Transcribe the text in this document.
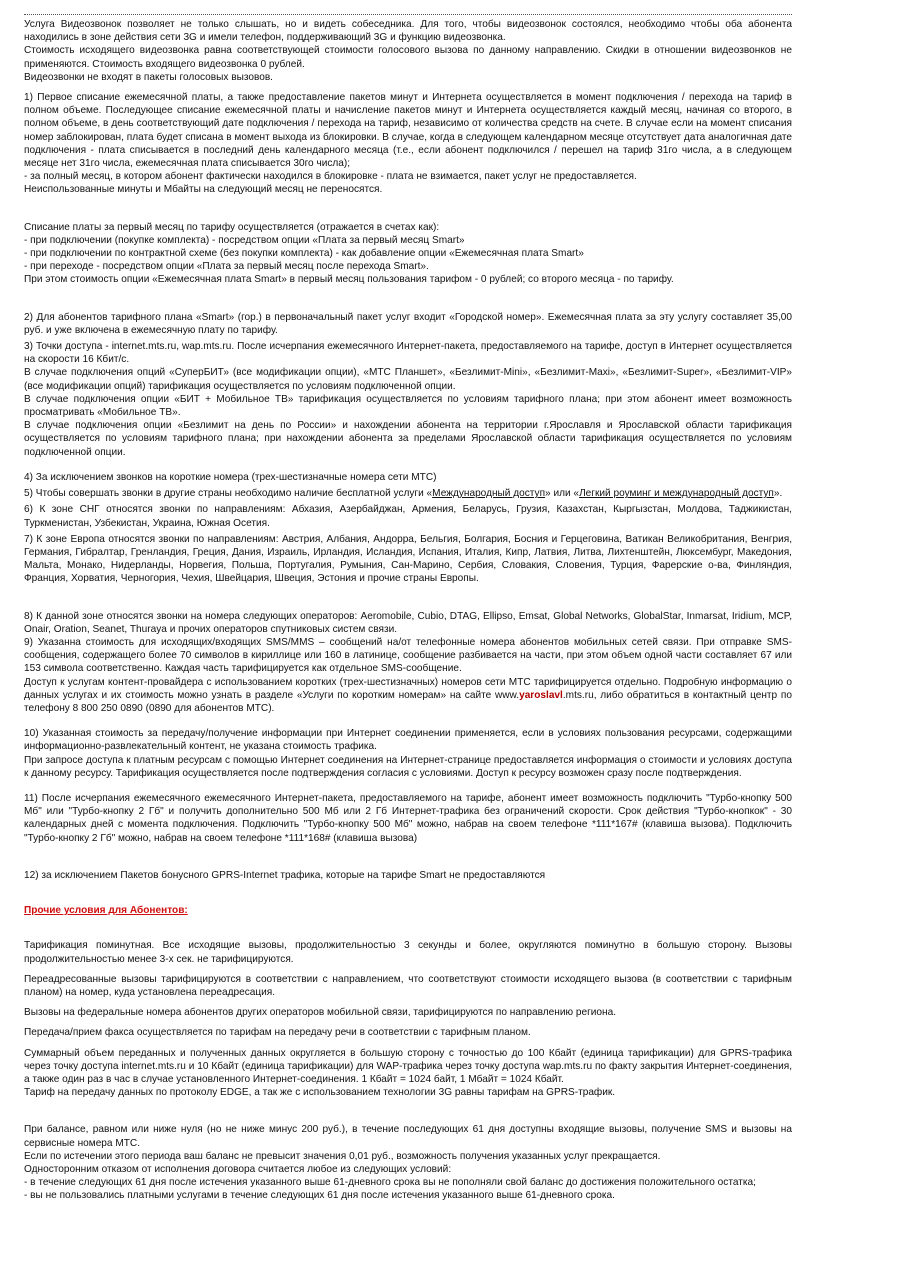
Услуга Видеозвонок позволяет не только слышать, но и видеть собеседника. Для того, чтобы видеозвонок состоялся, необходимо чтобы оба абонента находились в зоне действия сети 3G и имели телефон, поддерживающий 3G и функцию видеозвонка.

Стоимость исходящего видеозвонка равна соответствующей стоимости голосового вызова по данному направлению. Скидки в отношении видеозвонков не применяются. Стоимость входящего видеозвонка 0 рублей.

Видеозвонки не входят в пакеты голосовых вызовов.

1) Первое списание ежемесячной платы, а также предоставление пакетов минут и Интернета осуществляется в момент подключения / перехода на тариф в полном объеме. Последующее списание ежемесячной платы и начисление пакетов минут и Интернета осуществляется каждый месяц, начиная со второго, в полном объеме, в день соответствующий дате подключения / перехода на тариф, независимо от количества средств на счете. В случае если на момент списания номер заблокирован, плата будет списана в момент выхода из блокировки. В случае, когда в следующем календарном месяце отсутствует дата аналогичная дате подключения - плата списывается в последний день календарного месяца (т.е., если абонент подключился / перешел на тариф 31го числа, а в следующем месяце нет 31го числа, ежемесячная плата списывается 30го числа);

- за полный месяц, в котором абонент фактически находился в блокировке - плата не взимается, пакет услуг не предоставляется.

Неиспользованные минуты и Мбайты на следующий месяц не переносятся.

Списание платы за первый месяц по тарифу осуществляется (отражается в счетах как):

- при подключении (покупке комплекта) - посредством опции «Плата за первый месяц Smart»

- при подключении по контрактной схеме (без покупки комплекта) - как добавление опции «Ежемесячная плата Smart»

- при переходе - посредством опции «Плата за первый месяц после перехода Smart».

При этом стоимость опции «Ежемесячная плата Smart» в первый месяц пользования тарифом - 0 рублей; со второго месяца - по тарифу.

2) Для абонентов тарифного плана «Smart» (гор.) в первоначальный пакет услуг входит «Городской номер». Ежемесячная плата за эту услугу составляет 35,00 руб. и уже включена в ежемесячную плату по тарифу.

3) Точки доступа - internet.mts.ru, wap.mts.ru. После исчерпания ежемесячного Интернет-пакета, предоставляемого на тарифе, доступ в Интернет осуществляется на скорости 16 Кбит/с.

В случае подключения опций «СуперБИТ» (все модификации опции), «МТС Планшет», «Безлимит-Mini», «Безлимит-Maxi», «Безлимит-Super», «Безлимит-VIP» (все модификации опций) тарификация осуществляется по условиям подключенной опции.

В случае подключения опции «БИТ + Мобильное ТВ» тарификация осуществляется по условиям тарифного плана; при этом абонент имеет возможность просматривать «Мобильное ТВ».

В случае подключения опции «Безлимит на день по России» и нахождении абонента на территории г.Ярославля и Ярославской области тарификация осуществляется по условиям тарифного плана; при нахождении абонента за пределами Ярославской области тарификация осуществляется по условиям подключенной опции.

4) За исключением звонков на короткие номера (трех-шестизначные номера сети МТС)

5) Чтобы совершать звонки в другие страны необходимо наличие бесплатной услуги «Международный доступ» или «Легкий роуминг и международный доступ».

6) К зоне СНГ относятся звонки по направлениям: Абхазия, Азербайджан, Армения, Беларусь, Грузия, Казахстан, Кыргызстан, Молдова, Таджикистан, Туркменистан, Узбекистан, Украина, Южная Осетия.

7) К зоне Европа относятся звонки по направлениям: Австрия, Албания, Андорра, Бельгия, Болгария, Босния и Герцеговина, Ватикан Великобритания, Венгрия, Германия, Гибралтар, Гренландия, Греция, Дания, Израиль, Ирландия, Исландия, Испания, Италия, Кипр, Латвия, Литва, Лихтенштейн, Люксембург, Македония, Мальта, Монако, Нидерланды, Норвегия, Польша, Португалия, Румыния, Сан-Марино, Сербия, Словакия, Словения, Турция, Фарерские о-ва, Финляндия, Франция, Хорватия, Черногория, Чехия, Швейцария, Швеция, Эстония и прочие страны Европы.

8) К данной зоне относятся звонки на номера следующих операторов: Aeromobile, Cubio, DTAG, Ellipso, Emsat, Global Networks, GlobalStar, Inmarsat, Iridium, MCP, Onair, Oration, Seanet, Thuraya и прочих операторов спутниковых систем связи.

9) Указанна стоимость для исходящих/входящих SMS/MMS – сообщений на/от телефонные номера абонентов мобильных сетей связи. При отправке SMS-сообщения, содержащего более 70 символов в кириллице или 160 в латинице, сообщение разбивается на части, при этом объем одной части составляет 67 или 153 символа соответственно. Каждая часть тарифицируется как отдельное SMS-сообщение.

Доступ к услугам контент-провайдера с использованием коротких (трех-шестизначных) номеров сети МТС тарифицируется отдельно. Подробную информацию о данных услугах и их стоимость можно узнать в разделе «Услуги по коротким номерам» на сайте www.yaroslavl.mts.ru, либо обратиться в контактный центр по телефону 8 800 250 0890 (0890 для абонентов МТС).

10) Указанная стоимость за передачу/получение информации при Интернет соединении применяется, если в условиях пользования ресурсами, содержащими информационно-развлекательный контент, не указана стоимость трафика.

При запросе доступа к платным ресурсам с помощью Интернет соединения на Интернет-странице предоставляется информация о стоимости и условиях доступа к данному ресурсу. Тарификация осуществляется после подтверждения согласия с условиями. Доступ к ресурсу возможен сразу после подтверждения.

11) После исчерпания ежемесячного ежемесячного Интернет-пакета, предоставляемого на тарифе, абонент имеет возможность подключить "Турбо-кнопку 500 Мб" или "Турбо-кнопку 2 Гб" и получить дополнительно 500 Мб или 2 Гб Интернет-трафика без ограничений скорости. Срок действия "Турбо-кнопкок" - 30 календарных дней с момента подключения. Подключить "Турбо-кнопку 500 Мб" можно, набрав на своем телефоне *111*167# (клавиша вызова). Подключить "Турбо-кнопку 2 Гб" можно, набрав на своем телефоне *111*168# (клавиша вызова)

12) за исключением Пакетов бонусного GPRS-Internet трафика, которые на тарифе Smart не предоставляются

Прочие условия для Абонентов:

Тарификация поминутная. Все исходящие вызовы, продолжительностью 3 секунды и более, округляются поминутно в большую сторону. Вызовы продолжительностью менее 3-х сек. не тарифицируются.

Переадресованные вызовы тарифицируются в соответствии с направлением, что соответствуют стоимости исходящего вызова (в соответствии с тарифным планом) на номер, куда установлена переадресация.

Вызовы на федеральные номера абонентов других операторов мобильной связи, тарифицируются по направлению региона.

Передача/прием факса осуществляется по тарифам на передачу речи в соответствии с тарифным планом.

Суммарный объем переданных и полученных данных округляется в большую сторону с точностью до 100 Кбайт (единица тарификации) для GPRS-трафика через точку доступа internet.mts.ru и 10 Кбайт (единица тарификации) для WAP-трафика через точку доступа wap.mts.ru по факту закрытия Интернет-соединения, а также один раз в час в случае установленного Интернет-соединения. 1 Кбайт = 1024 байт, 1 Мбайт = 1024 Кбайт.

Тариф на передачу данных по протоколу EDGE, а так же с использованием технологии 3G равны тарифам на GPRS-трафик.

При балансе, равном или ниже нуля (но не ниже минус 200 руб.), в течение последующих 61 дня доступны входящие вызовы, получение SMS и вызовы на сервисные номера МТС.

Если по истечении этого периода ваш баланс не превысит значения 0,01 руб., возможность получения указанных услуг прекращается.

Односторонним отказом от исполнения договора считается любое из следующих условий:

- в течение следующих 61 дня после истечения указанного выше 61-дневного срока вы не пополняли свой баланс до достижения положительного остатка;

- вы не пользовались платными услугами в течение следующих 61 дня после истечения указанного выше 61-дневного срока.
